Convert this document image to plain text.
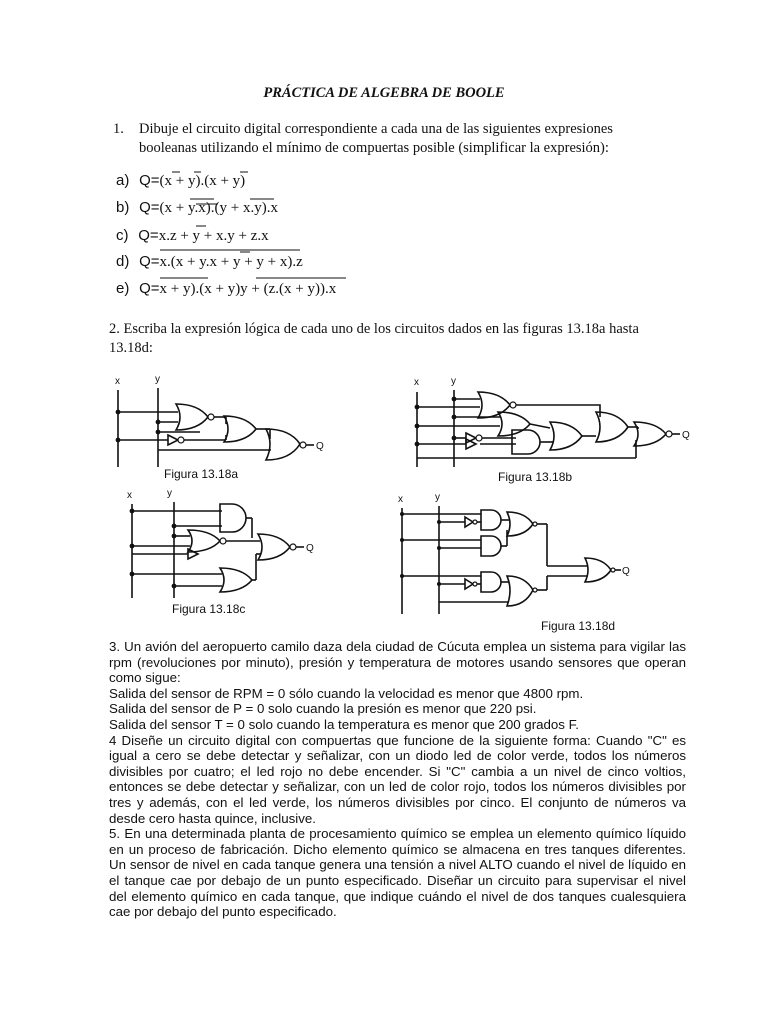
PRÁCTICA DE ALGEBRA DE BOOLE
1. Dibuje el circuito digital correspondiente a cada una de las siguientes expresiones booleanas utilizando el mínimo de compuertas posible (simplificar la expresión):
a) Q=(x + y).(x + y)
b) Q=(x + y.x).(y + x.y).x
c) Q=x.z + y + x.y + z.x
d) Q=x.(x + y.x + y + y + x).z
e) Q=x + y).(x + y)y + (z.(x + y)).x
2. Escriba la expresión lógica de cada uno de los circuitos dados en las figuras 13.18a hasta 13.18d:
x	y
Q
Figura 13.18a
x	y
Q
Figura 13.18b
x	y
Q
Figura 13.18c
x	y
Q
Figura 13.18d

3. Un avión del aeropuerto camilo daza dela ciudad de Cúcuta emplea un sistema para vigilar las rpm (revoluciones por minuto), presión y temperatura de motores usando sensores que operan como sigue:

Salida del sensor de RPM = 0 sólo cuando la velocidad es menor que 4800 rpm.

Salida del sensor de P = 0 solo cuando la presión es menor que 220 psi.

Salida del sensor T = 0 solo cuando la temperatura es menor que 200 grados F.

4 Diseñe un circuito digital con compuertas que funcione de la siguiente forma: Cuando "C" es igual a cero se debe detectar y señalizar, con un diodo led de color verde, todos los números divisibles por cuatro; el led rojo no debe encender. Si "C" cambia a un nivel de cinco voltios, entonces se debe detectar y señalizar, con un led de color rojo, todos los números divisibles por tres y además, con el led verde, los números divisibles por cinco. El conjunto de números va desde cero hasta quince, inclusive.

5. En una determinada planta de procesamiento químico se emplea un elemento químico líquido en un proceso de fabricación. Dicho elemento químico se almacena en tres tanques diferentes. Un sensor de nivel en cada tanque genera una tensión a nivel ALTO cuando el nivel de líquido en el tanque cae por debajo de un punto especificado. Diseñar un circuito para supervisar el nivel del elemento químico en cada tanque, que indique cuándo el nivel de dos tanques cualesquiera cae por debajo del punto especificado.
